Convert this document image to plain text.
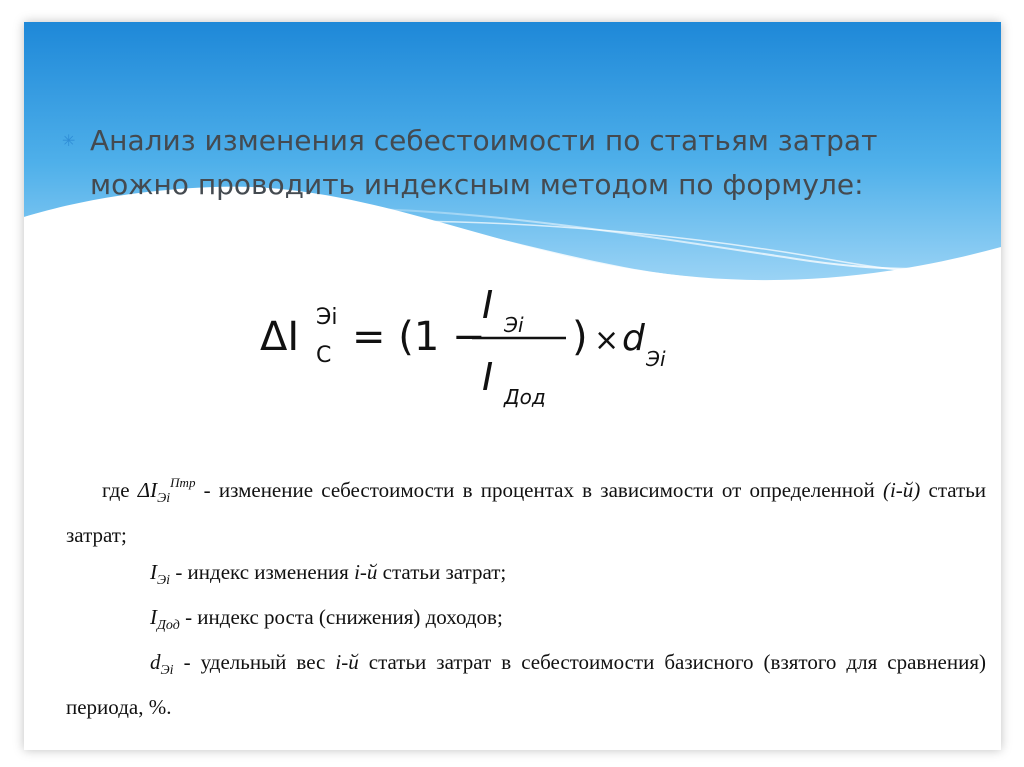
✳ Анализ изменения себестоимости по статьям затрат
можно проводить индексным методом по формуле:
ΔI Эi
C = (1 −
I Эi
I Дод
) × d Эi

где $\Delta I_{Эi}^{Птр}$ - изменение себестоимости в процентах в зависимости от определенной (i-й) статьи затрат;

$I_{Эi}$ - индекс изменения i-й статьи затрат;

$I_{Дод}$ - индекс роста (снижения) доходов;

$d_{Эi}$ - удельный вес i-й статьи затрат в себестоимости базисного (взятого для сравнения) периода, %.
